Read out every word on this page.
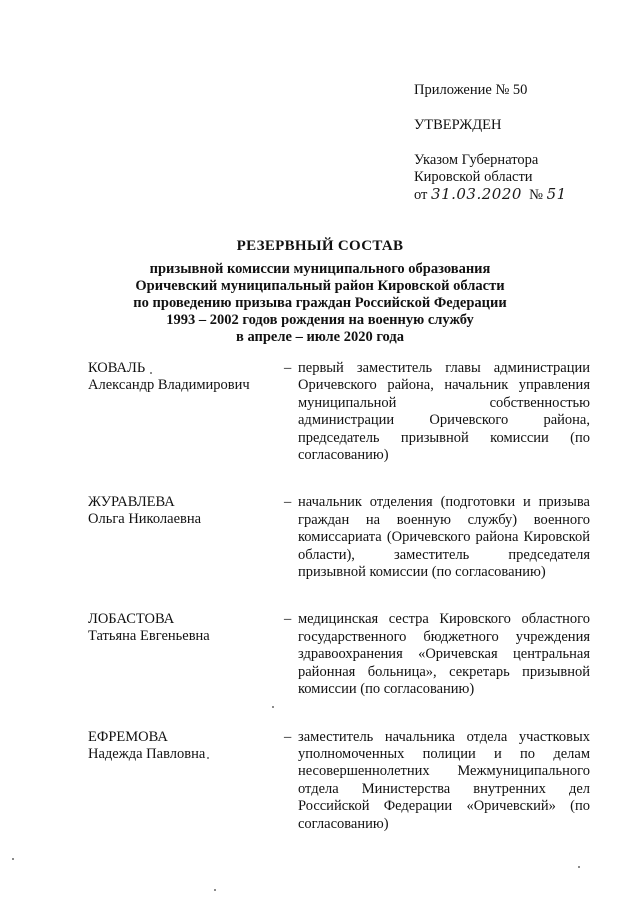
Приложение № 50
УТВЕРЖДЕН
Указом Губернатора
Кировской области
от 31.03.2020 № 51
РЕЗЕРВНЫЙ СОСТАВ
призывной комиссии муниципального образования
Оричевский муниципальный район Кировской области
по проведению призыва граждан Российской Федерации
1993 – 2002 годов рождения на военную службу
в апреле – июле 2020 года
КОВАЛЬ
Александр Владимирович
– первый заместитель главы администрации Оричевского района, начальник управления муниципальной собственностью администрации Оричевского района, председатель призывной комиссии (по согласованию)
ЖУРАВЛЕВА
Ольга Николаевна
– начальник отделения (подготовки и призыва граждан на военную службу) военного комиссариата (Оричевского района Кировской области), заместитель председателя призывной комиссии (по согласованию)
ЛОБАСТОВА
Татьяна Евгеньевна
– медицинская сестра Кировского областного государственного бюджетного учреждения здравоохранения «Оричевская центральная районная больница», секретарь призывной комиссии (по согласованию)
ЕФРЕМОВА
Надежда Павловна
– заместитель начальника отдела участковых уполномоченных полиции и по делам несовершеннолетних Межмуниципального отдела Министерства внутренних дел Российской Федерации «Оричевский» (по согласованию)
